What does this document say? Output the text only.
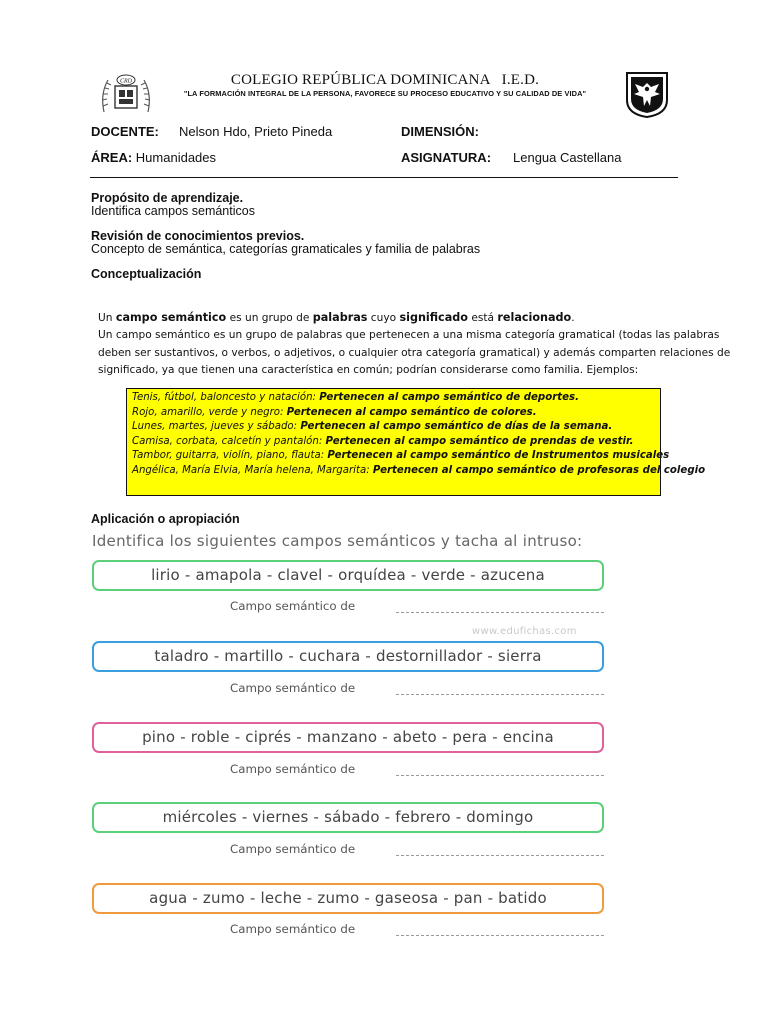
CRD	COLEGIO REPÚBLICA DOMINICANA   I.E.D.
"LA FORMACIÓN INTEGRAL DE LA PERSONA, FAVORECE SU PROCESO EDUCATIVO Y SU CALIDAD DE VIDA"
DOCENTE: Nelson Hdo, Prieto Pineda	DIMENSIÓN:
ÁREA: Humanidades	ASIGNATURA: Lengua Castellana
Propósito de aprendizaje.
Identifica campos semánticos
Revisión de conocimientos previos.
Concepto de semántica, categorías gramaticales y familia de palabras
Conceptualización
Un campo semántico es un grupo de palabras cuyo significado está relacionado.
Un campo semántico es un grupo de palabras que pertenecen a una misma categoría gramatical (todas las palabras
deben ser sustantivos, o verbos, o adjetivos, o cualquier otra categoría gramatical) y además comparten relaciones de
significado, ya que tienen una característica en común; podrían considerarse como familia. Ejemplos:
Tenis, fútbol, baloncesto y natación: Pertenecen al campo semántico de deportes.
Rojo, amarillo, verde y negro: Pertenecen al campo semántico de colores.
Lunes, martes, jueves y sábado: Pertenecen al campo semántico de días de la semana.
Camisa, corbata, calcetín y pantalón: Pertenecen al campo semántico de prendas de vestir.
Tambor, guitarra, violín, piano, flauta: Pertenecen al campo semántico de Instrumentos musicales
Angélica, María Elvia, María helena, Margarita: Pertenecen al campo semántico de profesoras del colegio
Aplicación o apropiación
Identifica los siguientes campos semánticos y tacha al intruso:
lirio - amapola - clavel - orquídea - verde - azucena
Campo semántico de
www.edufichas.com
taladro - martillo - cuchara - destornillador - sierra
Campo semántico de
pino - roble - ciprés - manzano - abeto - pera - encina
Campo semántico de
miércoles - viernes - sábado - febrero - domingo
Campo semántico de
agua - zumo - leche - zumo - gaseosa - pan - batido
Campo semántico de
